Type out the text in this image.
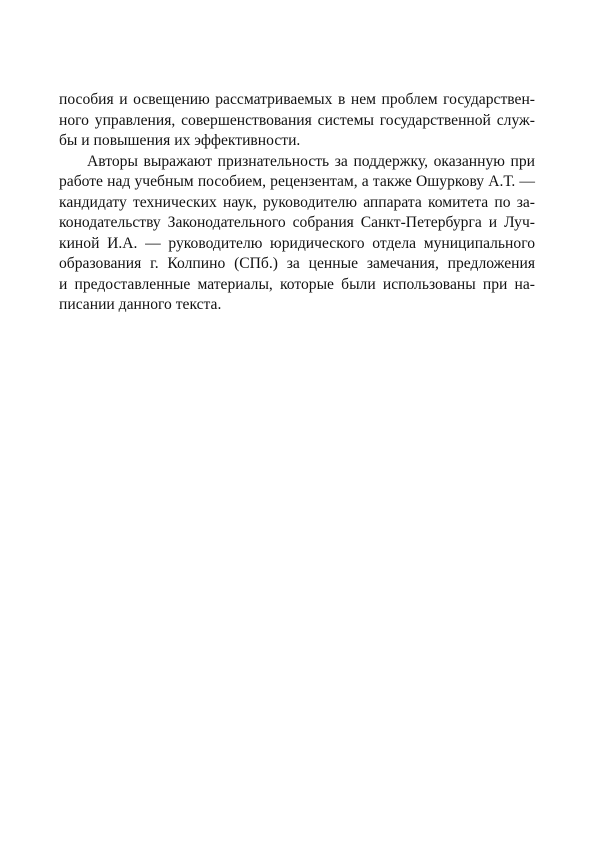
пособия и освещению рассматриваемых в нем проблем государствен-
ного управления, совершенствования системы государственной служ-
бы и повышения их эффективности.
Авторы выражают признательность за поддержку, оказанную при
работе над учебным пособием, рецензентам, а также Ошуркову А.Т. —
кандидату технических наук, руководителю аппарата комитета по за-
конодательству Законодательного собрания Санкт-Петербурга и Луч-
киной И.А. — руководителю юридического отдела муниципального
образования г. Колпино (СПб.) за ценные замечания, предложения
и предоставленные материалы, которые были использованы при на-
писании данного текста.
